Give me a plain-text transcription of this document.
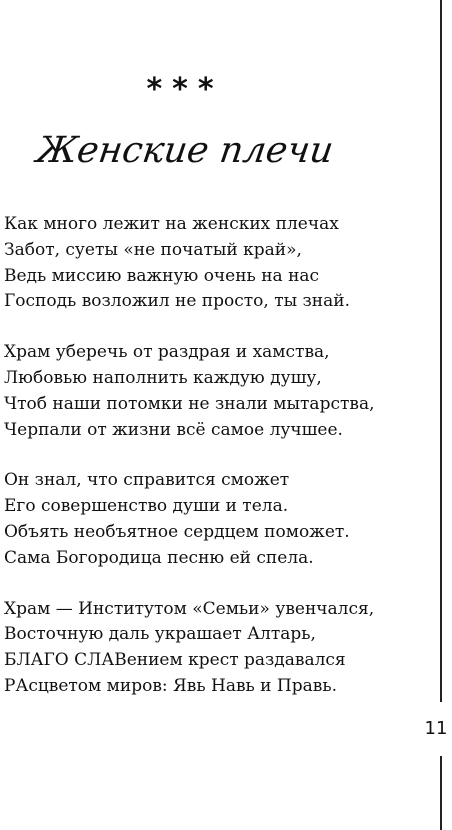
***
Женские плечи
Как много лежит на женских плечах
Забот, суеты «не початый край»,
Ведь миссию важную очень на нас
Господь возложил не просто, ты знай.
Храм уберечь от раздрая и хамства,
Любовью наполнить каждую душу,
Чтоб наши потомки не знали мытарства,
Черпали от жизни всё самое лучшее.
Он знал, что справится сможет
Его совершенство души и тела.
Объять необъятное сердцем поможет.
Сама Богородица песню ей спела.
Храм — Институтом «Семьи» увенчался,
Восточную даль украшает Алтарь,
БЛАГО СЛАВением крест раздавался
РАсцветом миров: Явь Навь и Правь.
11
